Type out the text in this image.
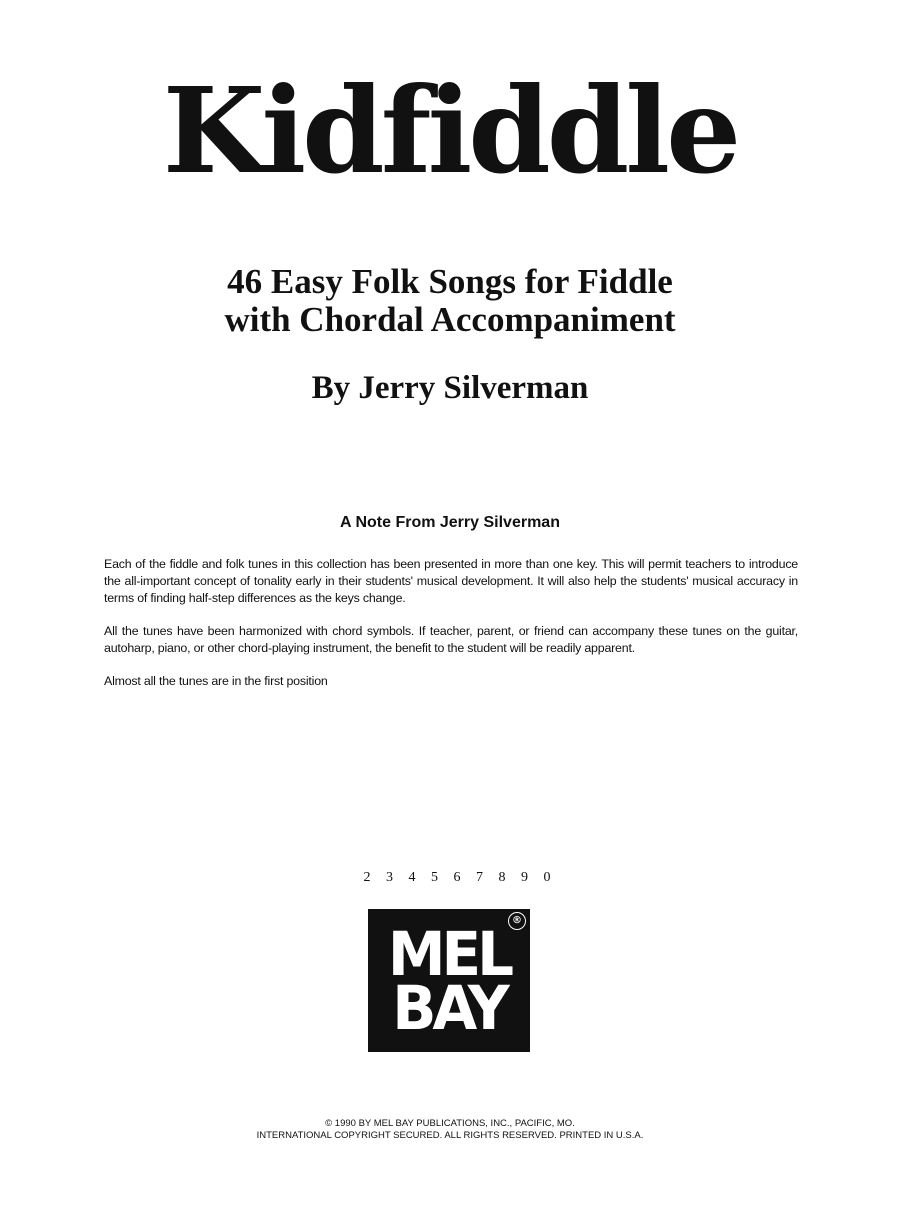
Kidfiddle
46 Easy Folk Songs for Fiddle
with Chordal Accompaniment
By Jerry Silverman
A Note From Jerry Silverman

Each of the fiddle and folk tunes in this collection has been presented in more than one key. This will permit teachers to introduce the all-important concept of tonality early in their students' musical development. It will also help the students' musical accuracy in terms of finding half-step differences as the keys change.

All the tunes have been harmonized with chord symbols. If teacher, parent, or friend can accompany these tunes on the guitar, autoharp, piano, or other chord-playing instrument, the benefit to the student will be readily apparent.

Almost all the tunes are in the first position

2 3 4 5 6 7 8 9 0
MEL
BAY
®
© 1990 BY MEL BAY PUBLICATIONS, INC., PACIFIC, MO.
INTERNATIONAL COPYRIGHT SECURED. ALL RIGHTS RESERVED. PRINTED IN U.S.A.
